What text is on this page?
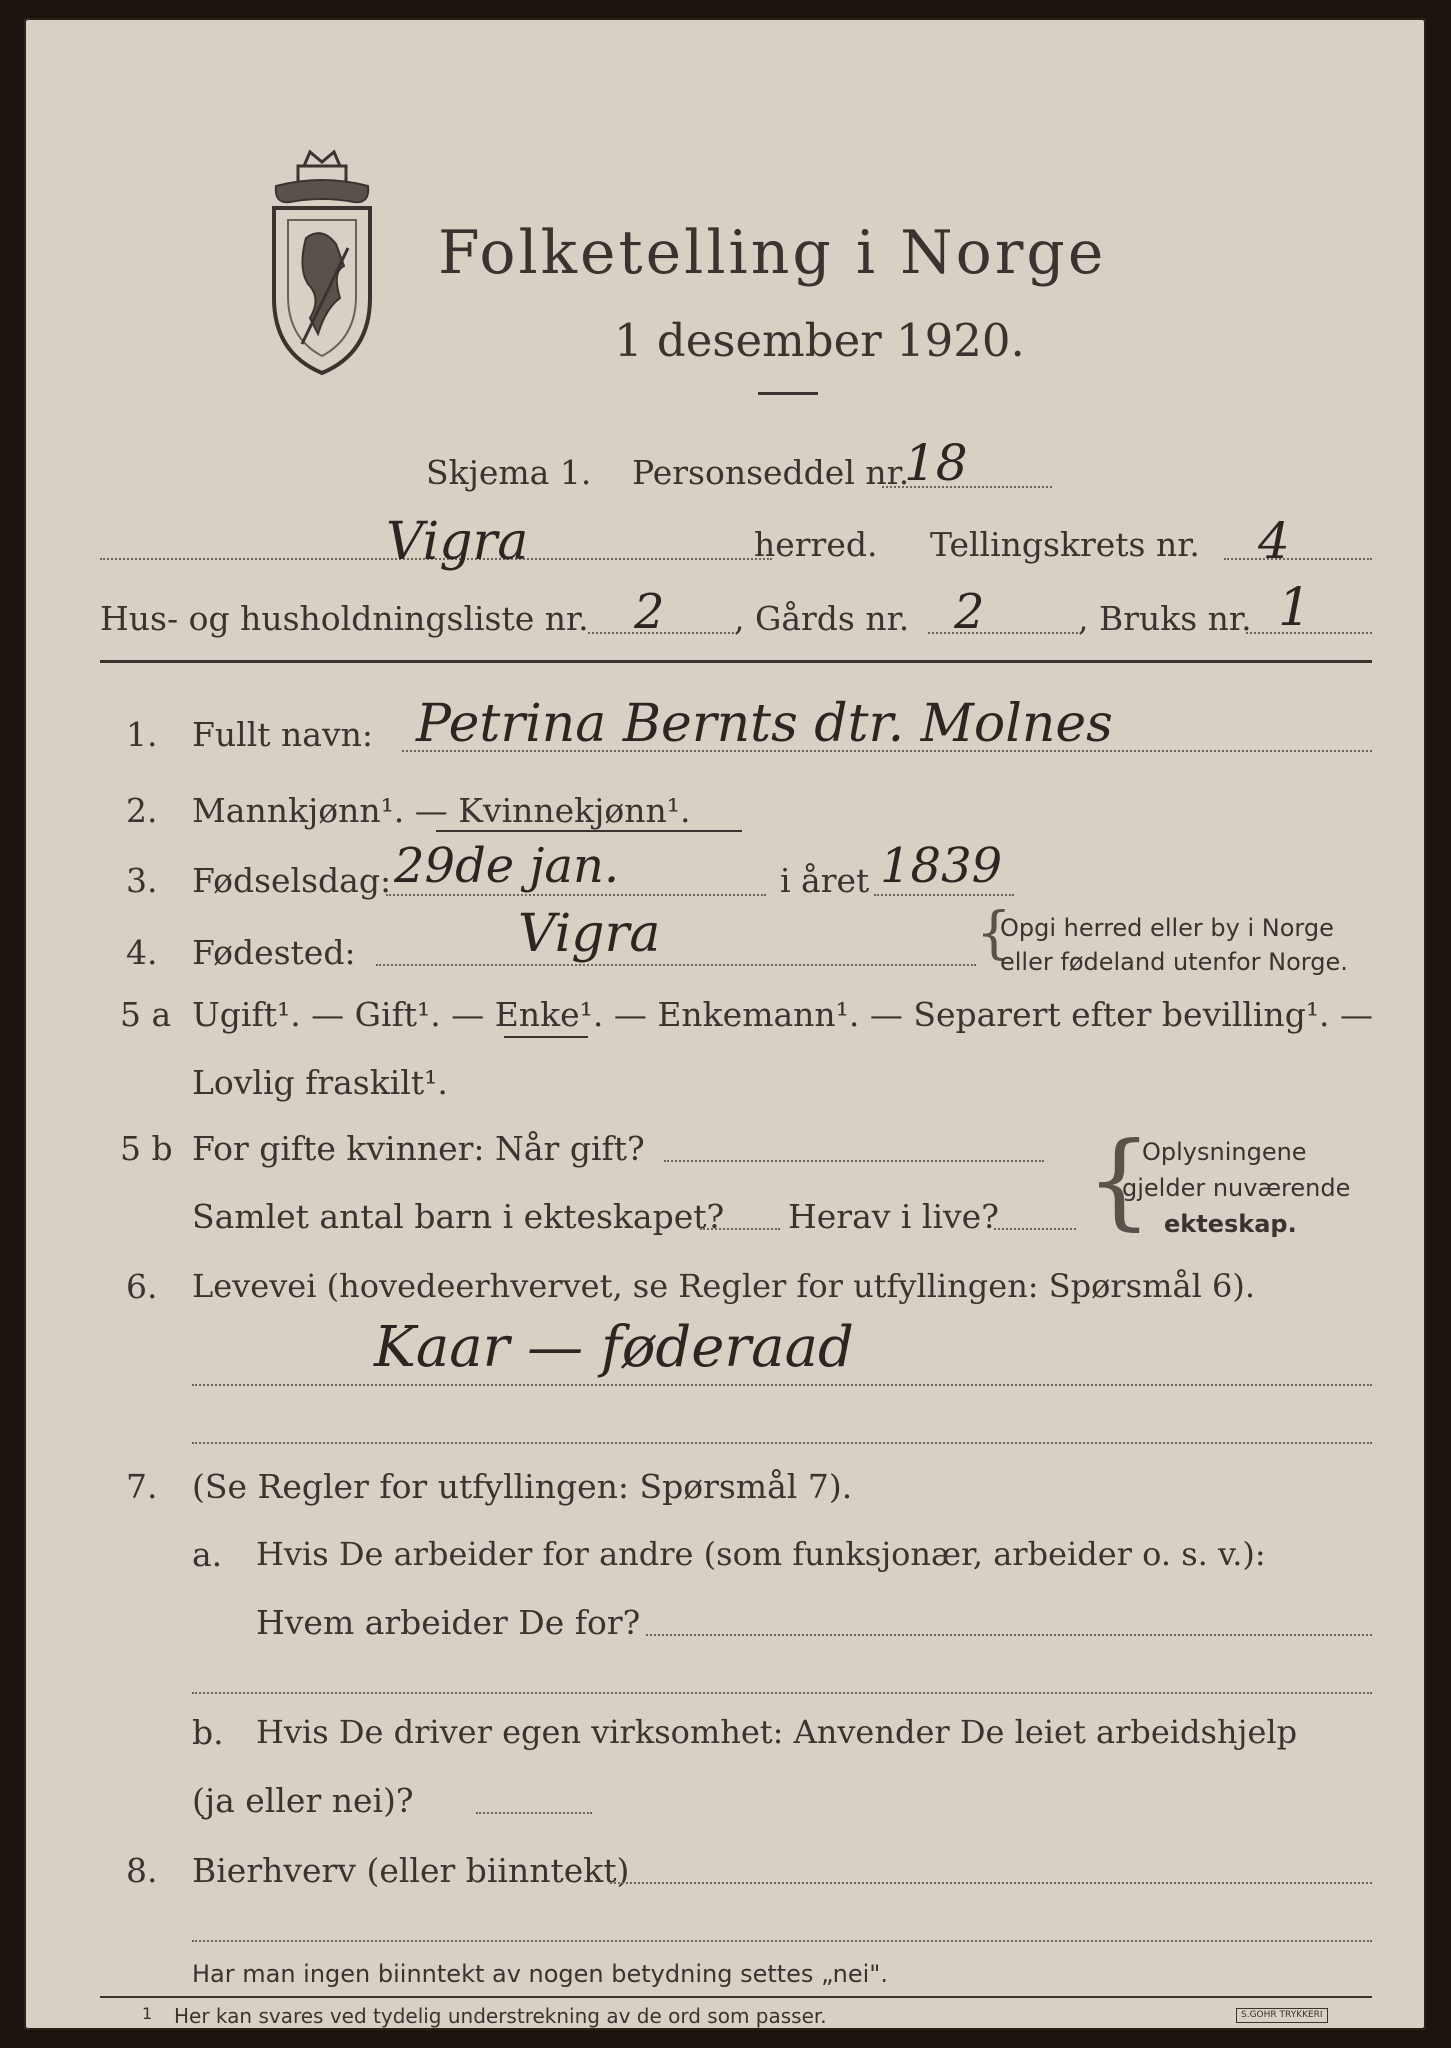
Folketelling i Norge
1 desember 1920.
Skjema 1. Personseddel nr.
18
Vigra	herred. Tellingskrets nr. 4
Hus- og husholdningsliste nr. 2 , Gårds nr. 2	, Bruks nr. 1
1. Fullt navn: Petrina Bernts dtr. Molnes
2. Mannkjønn¹. — Kvinnekjønn¹.
3. Fødselsdag: 29de jan.	i året 1839
4. Fødested:	Vigra	{
Opgi herred eller by i Norge
eller fødeland utenfor Norge.
5 a Ugift¹. — Gift¹. — Enke¹. — Enkemann¹. — Separert efter bevilling¹. —
Lovlig fraskilt¹.
5 b For gifte kvinner: Når gift?
Samlet antal barn i ekteskapet? Herav i live? {
Oplysningene
gjelder nuværende
ekteskap.
6. Levevei (hovedeerhvervet, se Regler for utfyllingen: Spørsmål 6).
Kaar — føderaad
7. (Se Regler for utfyllingen: Spørsmål 7).
a. Hvis De arbeider for andre (som funksjonær, arbeider o. s. v.):
Hvem arbeider De for?
b. Hvis De driver egen virksomhet: Anvender De leiet arbeidshjelp
(ja eller nei)?
8. Bierhverv (eller biinntekt)
Har man ingen biinntekt av nogen betydning settes „nei".
1 Her kan svares ved tydelig understrekning av de ord som passer.	S.GOHR TRYKKERI
